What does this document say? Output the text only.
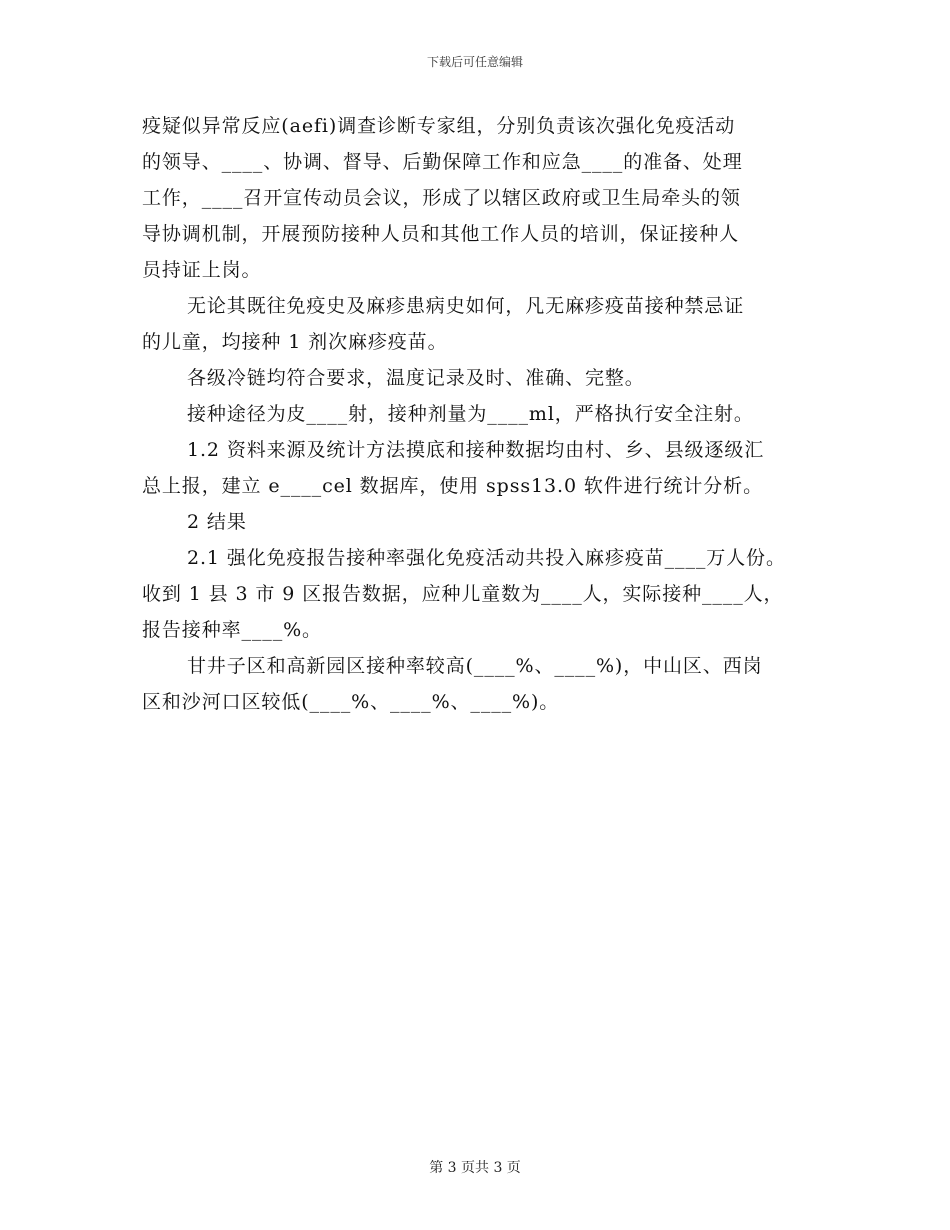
下载后可任意编辑
疫疑似异常反应(aefi)调查诊断专家组，分别负责该次强化免疫活动
的领导、____、协调、督导、后勤保障工作和应急____的准备、处理
工作，____召开宣传动员会议，形成了以辖区政府或卫生局牵头的领
导协调机制，开展预防接种人员和其他工作人员的培训，保证接种人
员持证上岗。
无论其既往免疫史及麻疹患病史如何，凡无麻疹疫苗接种禁忌证
的儿童，均接种 1 剂次麻疹疫苗。
各级冷链均符合要求，温度记录及时、准确、完整。
接种途径为皮____射，接种剂量为____ml，严格执行安全注射。
1.2 资料来源及统计方法摸底和接种数据均由村、乡、县级逐级汇
总上报，建立 e____cel 数据库，使用 spss13.0 软件进行统计分析。
2 结果
2.1 强化免疫报告接种率强化免疫活动共投入麻疹疫苗____万人份。
收到 1 县 3 市 9 区报告数据，应种儿童数为____人，实际接种____人，
报告接种率____%。
甘井子区和高新园区接种率较高(____%、____%)，中山区、西岗
区和沙河口区较低(____%、____%、____%)。
第 3 页共 3 页
